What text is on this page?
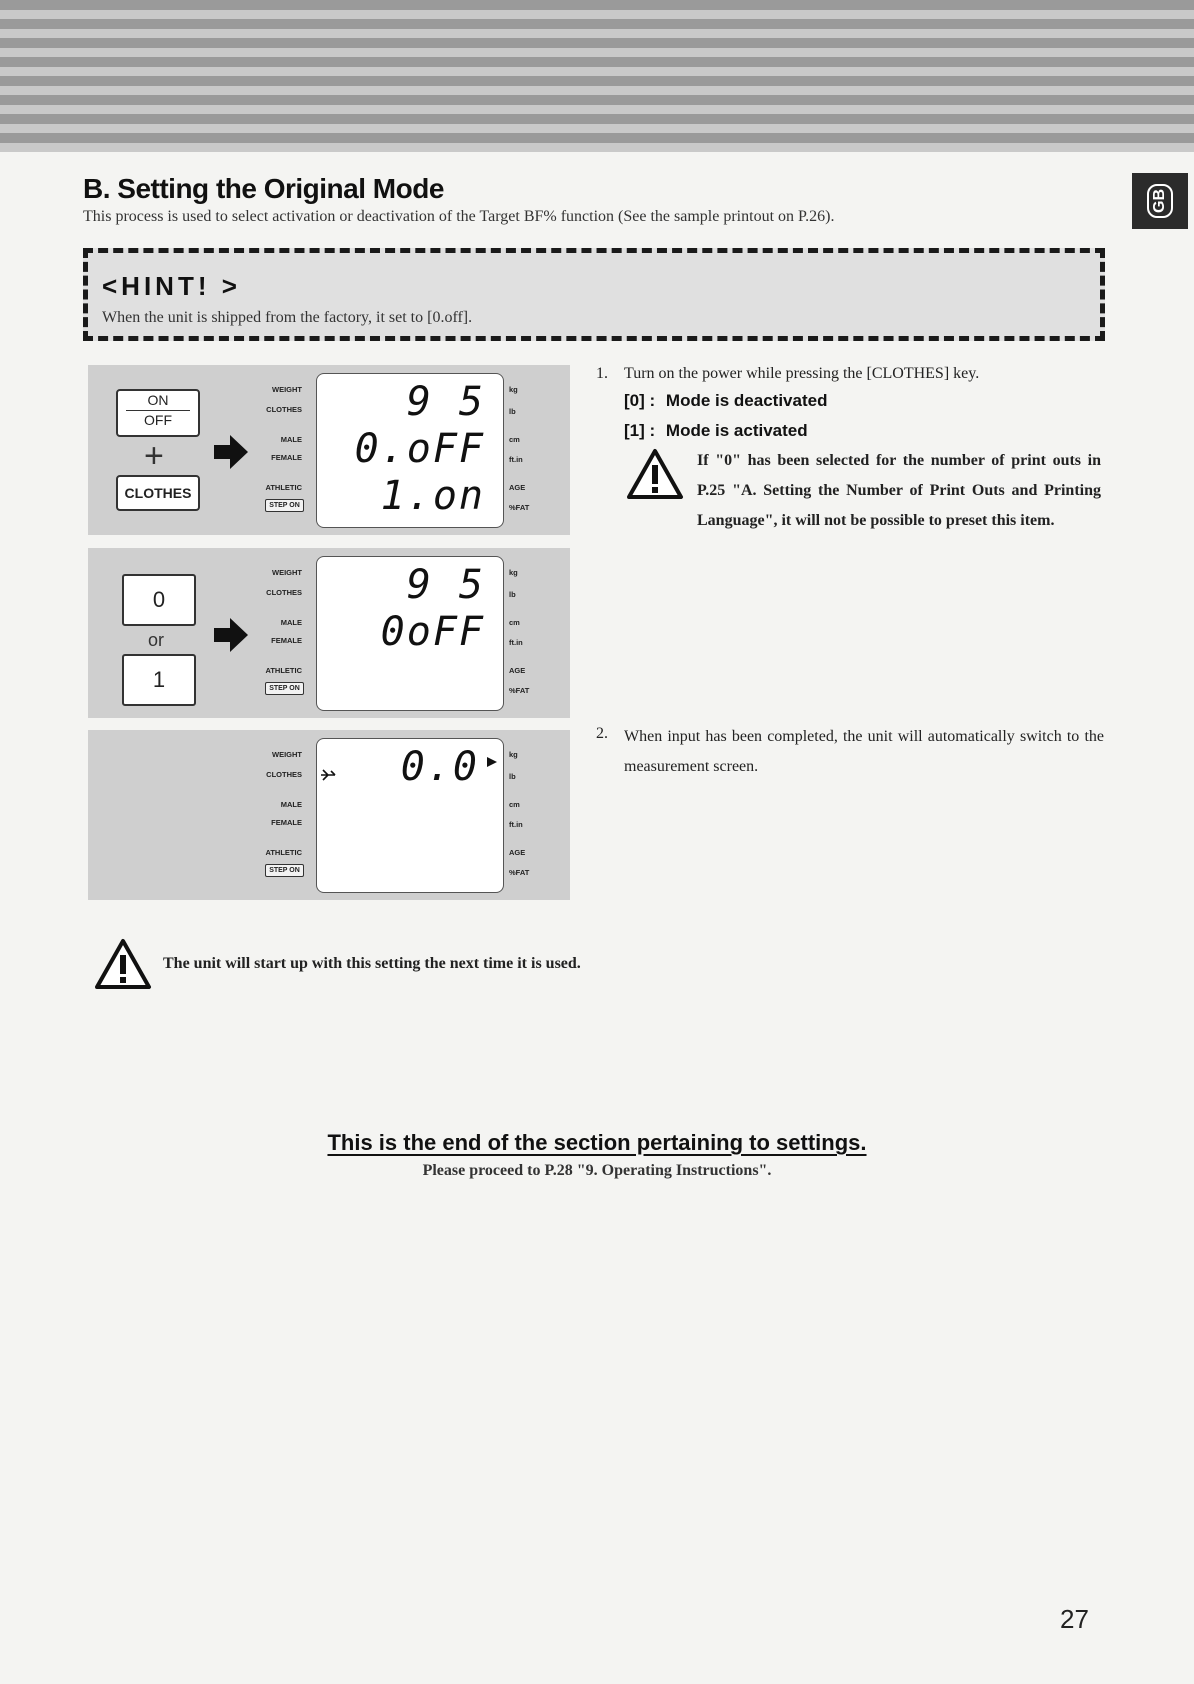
GB
B. Setting the Original Mode
This process is used to select activation or deactivation of the Target BF% function (See the sample printout on P.26).
<HINT! >
When the unit is shipped from the factory, it set to [0.off].
ON
OFF
+
CLOTHES
WEIGHT
CLOTHES
MALE
FEMALE
ATHLETIC
STEP ON
9 5
0.oFF
1.on
kg
lb
cm
ft.in
AGE
%FAT
0
or
1
WEIGHT
CLOTHES
MALE
FEMALE
ATHLETIC
STEP ON
9 5
0oFF
kg
lb
cm
ft.in
AGE
%FAT
WEIGHT
CLOTHES
MALE
FEMALE
ATHLETIC
STEP ON
0.0	kg
lb
cm
ft.in
AGE
%FAT
1. Turn on the power while pressing the [CLOTHES] key.
[0] : Mode is deactivated
[1] : Mode is activated
If "0" has been selected for the number of print outs in P.25 "A. Setting the Number of Print Outs and Printing Language", it will not be possible to preset this item.
2. When input has been completed, the unit will automatically switch to the measurement screen.
The unit will start up with this setting the next time it is used.
This is the end of the section pertaining to settings.
Please proceed to P.28 "9. Operating Instructions".
27
